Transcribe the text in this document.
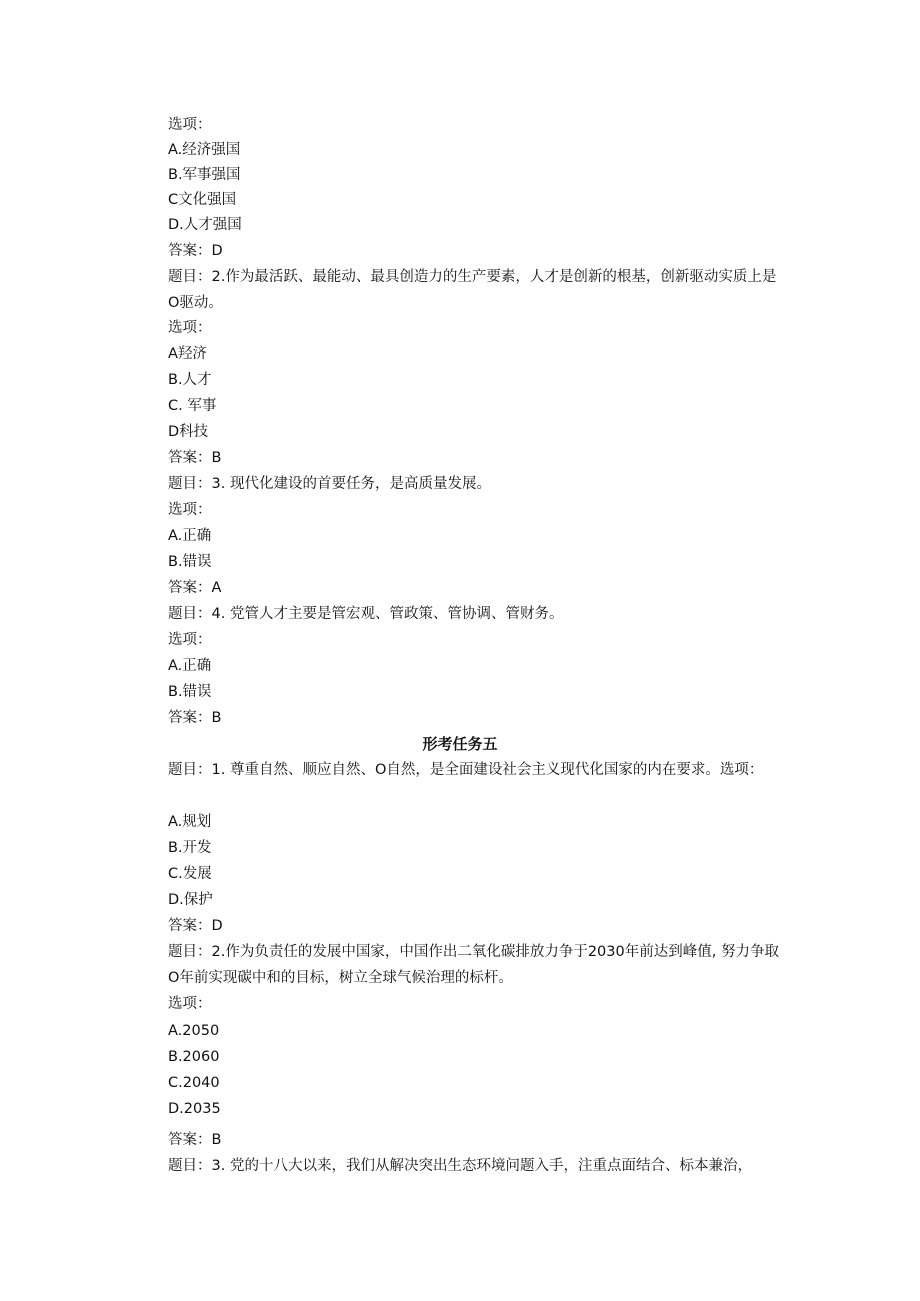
选项：
A.经济强国
B.军事强国
C文化强国
D.人才强国
答案：D
题目：2.作为最活跃、最能动、最具创造力的生产要素，人才是创新的根基，创新驱动实质上是O驱动。
选项：
A羟济
B.人才
C. 军事
D科技
答案：B
题目：3. 现代化建设的首要任务，是高质量发展。
选项：
A.正确
B.错误
答案：A
题目：4. 党管人才主要是管宏观、管政策、管协调、管财务。
选项：
A.正确
B.错误
答案：B
形考任务五
题目：1. 尊重自然、顺应自然、O自然，是全面建设社会主义现代化国家的内在要求。选项：
A.规划
B.开发
C.发展
D.保护
答案：D
题目：2.作为负责任的发展中国家，中国作出二氧化碳排放力争于2030年前达到峰值, 努力争取O年前实现碳中和的目标，树立全球气候治理的标杆。
选项：
A.2050
B.2060
C.2040
D.2035
答案：B
题目：3. 党的十八大以来，我们从解决突出生态环境问题入手，注重点面结合、标本兼治，
